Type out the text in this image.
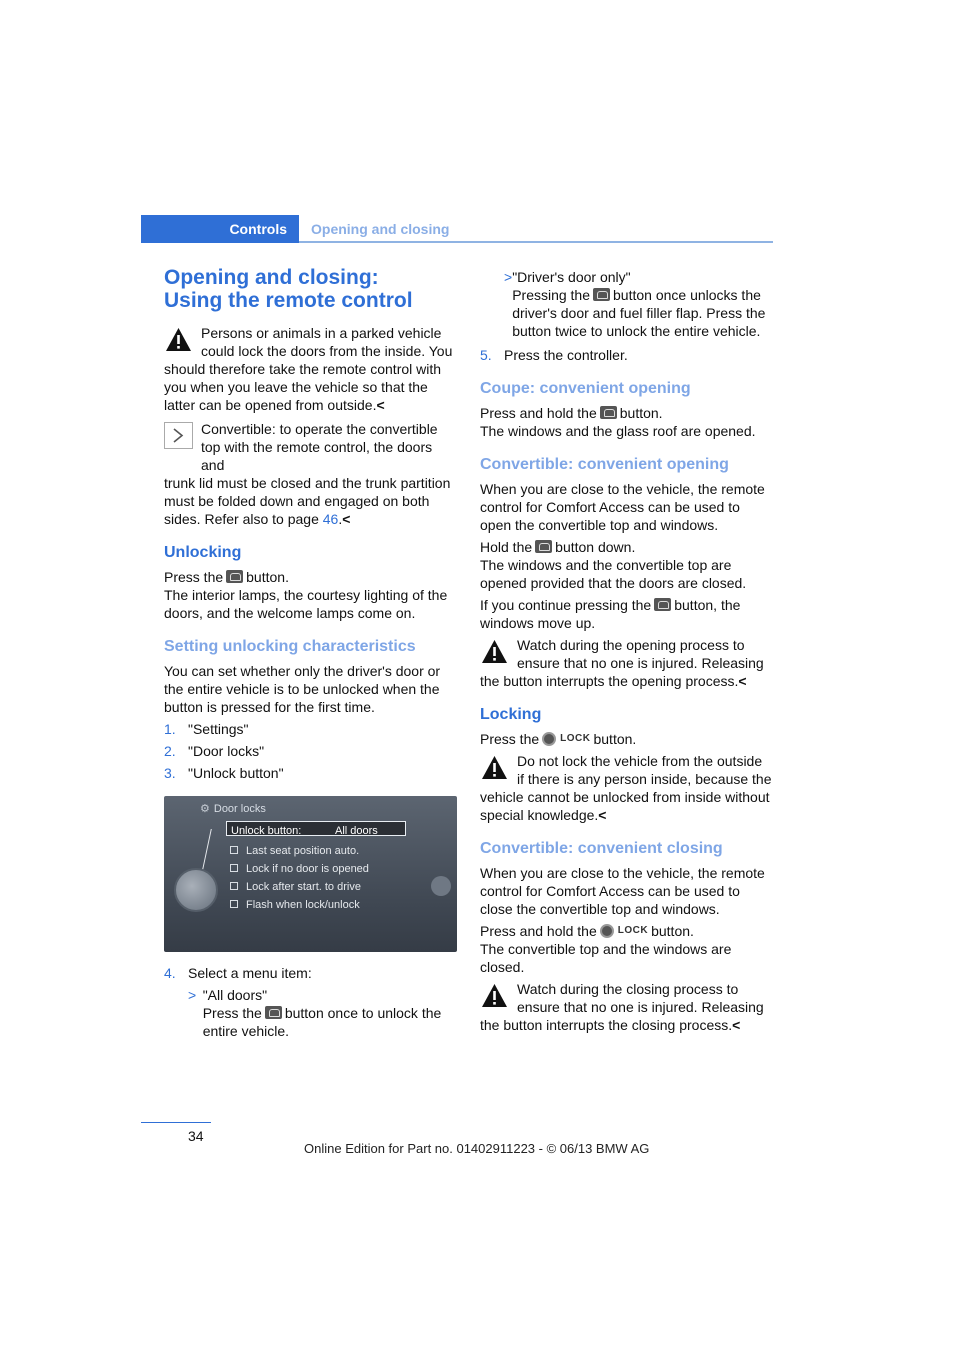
Controls	Opening and closing
Opening and closing:
Using the remote control
Persons or animals in a parked vehicle could lock the doors from the inside. You
should therefore take the remote control with you when you leave the vehicle so that the latter can be opened from outside.<
Convertible: to operate the convertible top with the remote control, the doors and
trunk lid must be closed and the trunk partition must be folded down and engaged on both sides. Refer also to page 46.<
Unlocking

Press the button.
The interior lamps, the courtesy lighting of the doors, and the welcome lamps come on.

Setting unlocking characteristics

You can set whether only the driver's door or the entire vehicle is to be unlocked when the button is pressed for the first time.

1. "Settings"
2. "Door locks"
3. "Unlock button"
⚙ Door locks
Unlock button:	All doors
Last seat position auto.
Lock if no door is opened
Lock after start. to drive
Flash when lock/unlock
4. Select a menu item:
> "All doors"
Press the button once to unlock the entire vehicle.
> "Driver's door only"
Pressing the button once unlocks the driver's door and fuel filler flap. Press the button twice to unlock the entire vehicle.
5. Press the controller.
Coupe: convenient opening

Press and hold the button.
The windows and the glass roof are opened.

Convertible: convenient opening

When you are close to the vehicle, the remote control for Comfort Access can be used to open the convertible top and windows.

Hold the button down.
The windows and the convertible top are opened provided that the doors are closed.

If you continue pressing the button, the windows move up.

Watch during the opening process to ensure that no one is injured. Releasing
the button interrupts the opening process.<
Locking

Press the LOCK button.

Do not lock the vehicle from the outside if there is any person inside, because the
vehicle cannot be unlocked from inside without special knowledge.<
Convertible: convenient closing

When you are close to the vehicle, the remote control for Comfort Access can be used to close the convertible top and windows.

Press and hold the LOCK button.
The convertible top and the windows are closed.

Watch during the closing process to ensure that no one is injured. Releasing
the button interrupts the closing process.<
34
Online Edition for Part no. 01402911223 - © 06/13 BMW AG
